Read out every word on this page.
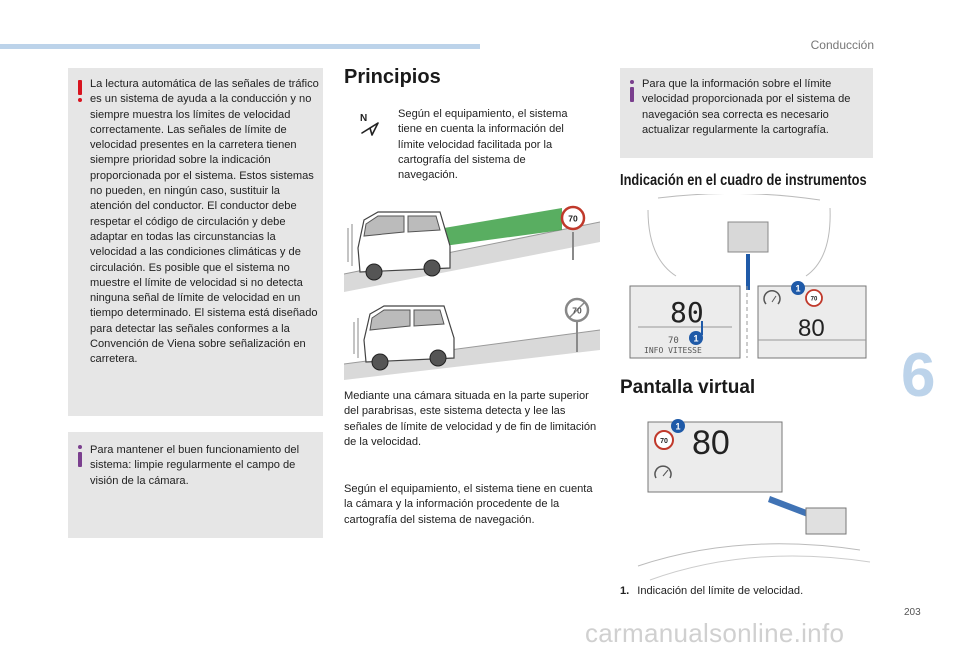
Conducción
6
203

La lectura automática de las señales de tráfico es un sistema de ayuda a la conducción y no siempre muestra los límites de velocidad correctamente. Las señales de límite de velocidad presentes en la carretera tienen siempre prioridad sobre la indicación proporcionada por el sistema. Estos sistemas no pueden, en ningún caso, sustituir la atención del conductor. El conductor debe respetar el código de circulación y debe adaptar en todas las circunstancias la velocidad a las condiciones climáticas y de circulación. Es posible que el sistema no muestre el límite de velocidad si no detecta ninguna señal de límite de velocidad en un tiempo determinado. El sistema está diseñado para detectar las señales conformes a la Convención de Viena sobre señalización en carretera.

Para mantener el buen funcionamiento del sistema: limpie regularmente el campo de visión de la cámara.

Principios
N	Según el equipamiento, el sistema tiene en cuenta la información del límite velocidad facilitada por la cartografía del sistema de navegación.

70
70

Mediante una cámara situada en la parte superior del parabrisas, este sistema detecta y lee las señales de límite de velocidad y de fin de limitación de la velocidad.

Según el equipamiento, el sistema tiene en cuenta la cámara y la información procedente de la cartografía del sistema de navegación.

Para que la información sobre el límite velocidad proporcionada por el sistema de navegación sea correcta es necesario actualizar regularmente la cartografía.

Indicación en el cuadro de instrumentos
80
70
INFO VITESSE
1
70
1
80
Pantalla virtual
70
1 80
1. Indicación del límite de velocidad.
carmanualsonline.info
